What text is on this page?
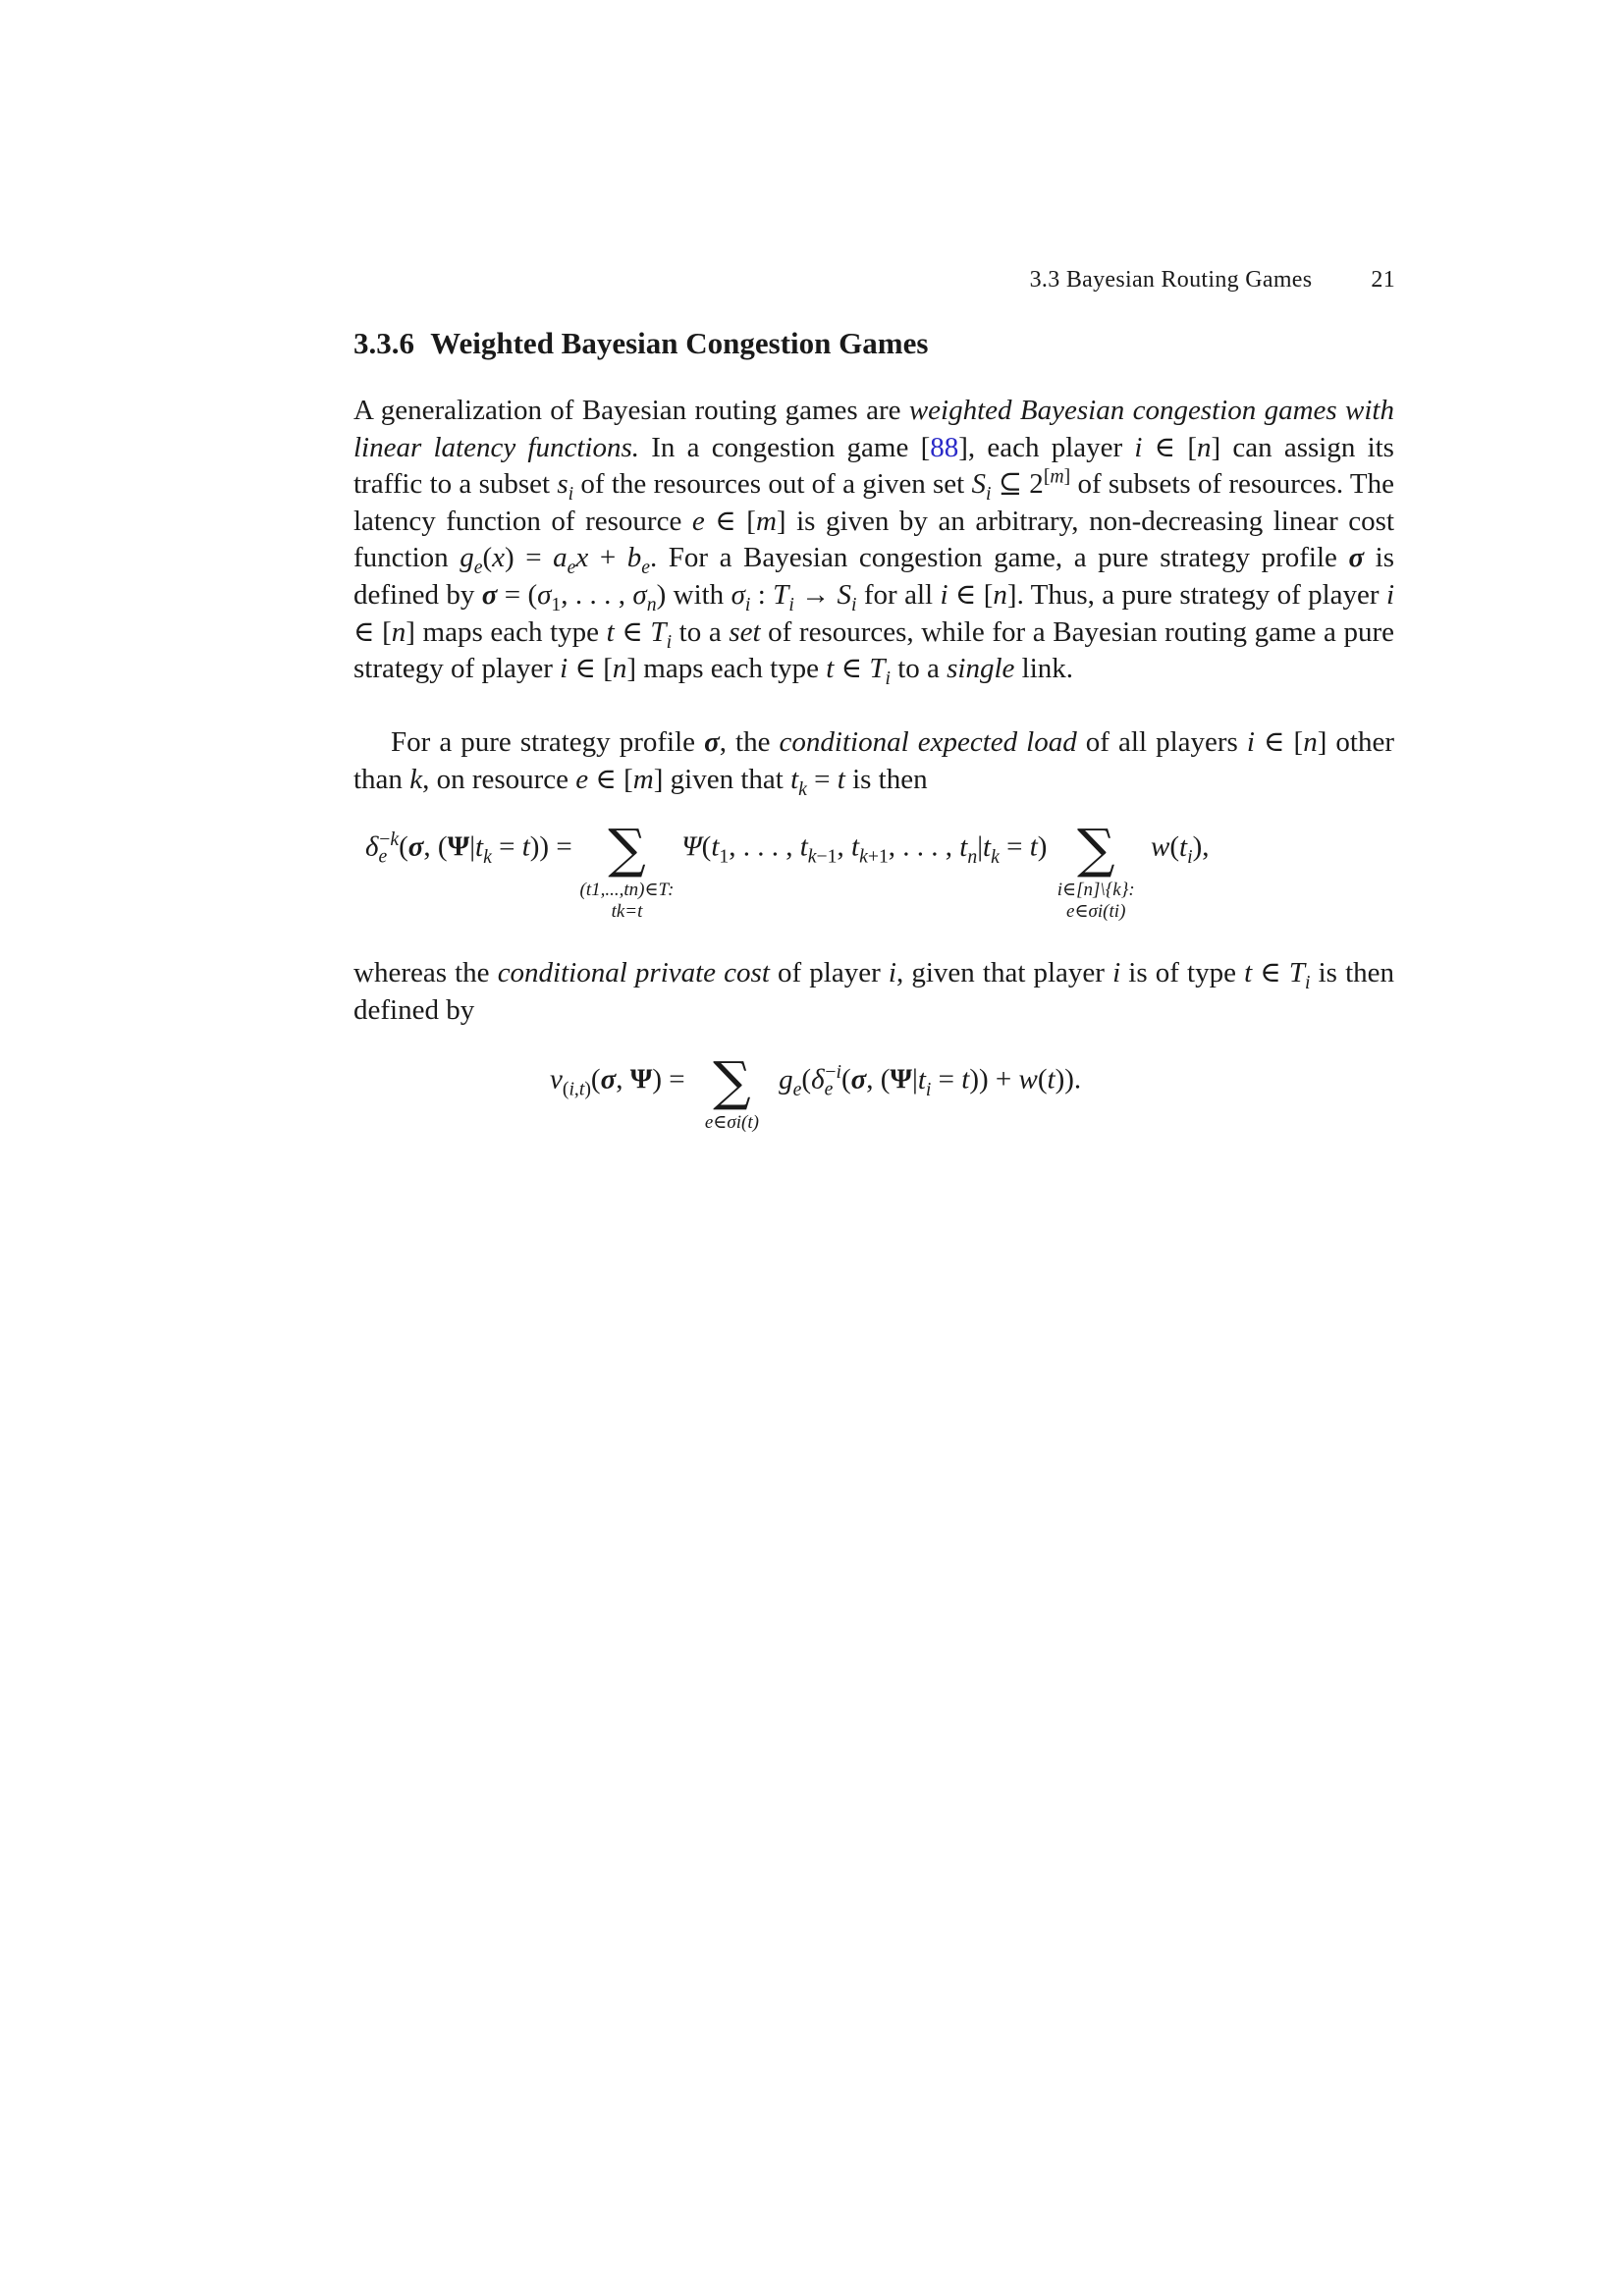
3.3 Bayesian Routing Games	21
3.3.6 Weighted Bayesian Congestion Games

A generalization of Bayesian routing games are weighted Bayesian congestion games with linear latency functions. In a congestion game [88], each player i ∈ [n] can assign its traffic to a subset $s_i$ of the resources out of a given set $S_i$ ⊆ 2[m] of subsets of resources. The latency function of resource e ∈ [m] is given by an arbitrary, non-decreasing linear cost function $g_e(x) = a_ex + b_e$. For a Bayesian congestion game, a pure strategy profile σ is defined by $\sigma = (\sigma_1$, . . . , $\sigma_n$) with $\sigma_i$ : $T_i \to S_i$ for all i ∈ [n]. Thus, a pure strategy of player i ∈ [n] maps each type t ∈ $T_i$ to a set of resources, while for a Bayesian routing game a pure strategy of player i ∈ [n] maps each type t ∈ $T_i$ to a single link.

For a pure strategy profile σ, the conditional expected load of all players i ∈ [n] other than k, on resource e ∈ [m] given that $t_k = t$ is then

$\delta_e^{-k}(\sigma$, $(\Psi|t_k = t)$) = ∑
(t1,...,tn)∈T:
tk=t
$\Psi(t_1$, . . . , $t_{k-1}$, $t_{k+1}$, . . . , $t_n|t_k = t$) ∑
i∈[n]\{k}:
e∈σi(ti)
$w(t_i)$,

whereas the conditional private cost of player i, given that player i is of type t ∈ $T_i$ is then defined by

$v_{(i,t)}(\sigma$, Ψ) = ∑
e∈σi(t)
$g_e(\delta_e^{-i}(\sigma$, $(\Psi|t_i = t)) + w(t)$).
